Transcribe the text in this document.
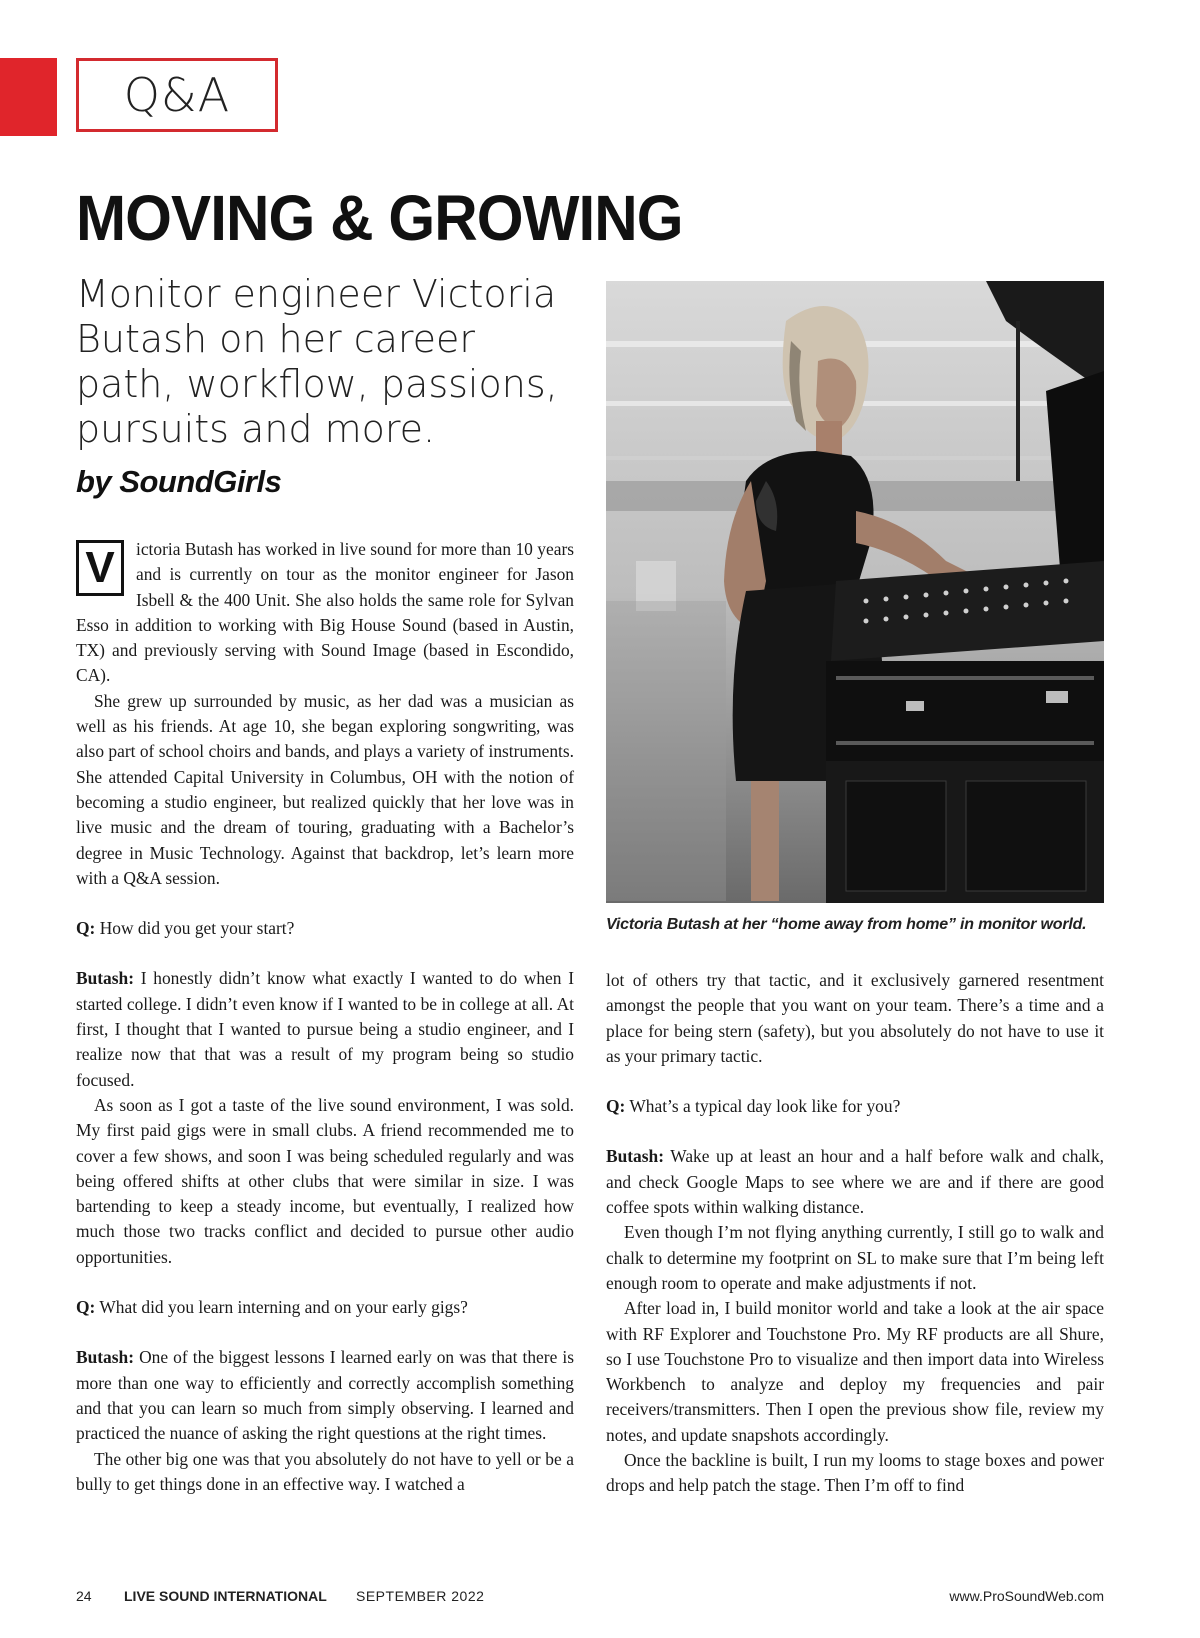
Q&A
MOVING & GROWING

Monitor engineer Victoria Butash on her career path, workflow, passions, pursuits and more.

by SoundGirls

V	ictoria Butash has worked in live sound for more than 10 years and is currently on tour as the monitor engineer for Jason Isbell & the 400 Unit. She also holds the same role for Sylvan Esso in addition to working with Big House Sound (based in Austin, TX) and previously serving with Sound Image (based in Escondido, CA).

She grew up surrounded by music, as her dad was a musician as well as his friends. At age 10, she began exploring songwriting, was also part of school choirs and bands, and plays a variety of instruments. She attended Capital University in Columbus, OH with the notion of becoming a studio engineer, but realized quickly that her love was in live music and the dream of touring, graduating with a Bachelor’s degree in Music Technology. Against that backdrop, let’s learn more with a Q&A session.

Q: How did you get your start?

Butash: I honestly didn’t know what exactly I wanted to do when I started college. I didn’t even know if I wanted to be in college at all. At first, I thought that I wanted to pursue being a studio engineer, and I realize now that that was a result of my program being so studio focused.

As soon as I got a taste of the live sound environment, I was sold. My first paid gigs were in small clubs. A friend recommended me to cover a few shows, and soon I was being scheduled regularly and was being offered shifts at other clubs that were similar in size. I was bartending to keep a steady income, but eventually, I realized how much those two tracks conflict and decided to pursue other audio opportunities.

Q: What did you learn interning and on your early gigs?

Butash: One of the biggest lessons I learned early on was that there is more than one way to efficiently and correctly accomplish something and that you can learn so much from simply observing. I learned and practiced the nuance of asking the right questions at the right times.

The other big one was that you absolutely do not have to yell or be a bully to get things done in an effective way. I watched a

Victoria Butash at her “home away from home” in monitor world.

lot of others try that tactic, and it exclusively garnered resentment amongst the people that you want on your team. There’s a time and a place for being stern (safety), but you absolutely do not have to use it as your primary tactic.

Q: What’s a typical day look like for you?

Butash: Wake up at least an hour and a half before walk and chalk, and check Google Maps to see where we are and if there are good coffee spots within walking distance.

Even though I’m not flying anything currently, I still go to walk and chalk to determine my footprint on SL to make sure that I’m being left enough room to operate and make adjustments if not.

After load in, I build monitor world and take a look at the air space with RF Explorer and Touchstone Pro. My RF products are all Shure, so I use Touchstone Pro to visualize and then import data into Wireless Workbench to analyze and deploy my frequencies and pair receivers/transmitters. Then I open the previous show file, review my notes, and update snapshots accordingly.

Once the backline is built, I run my looms to stage boxes and power drops and help patch the stage. Then I’m off to find

24 LIVE SOUND INTERNATIONAL SEPTEMBER 2022	www.ProSoundWeb.com
